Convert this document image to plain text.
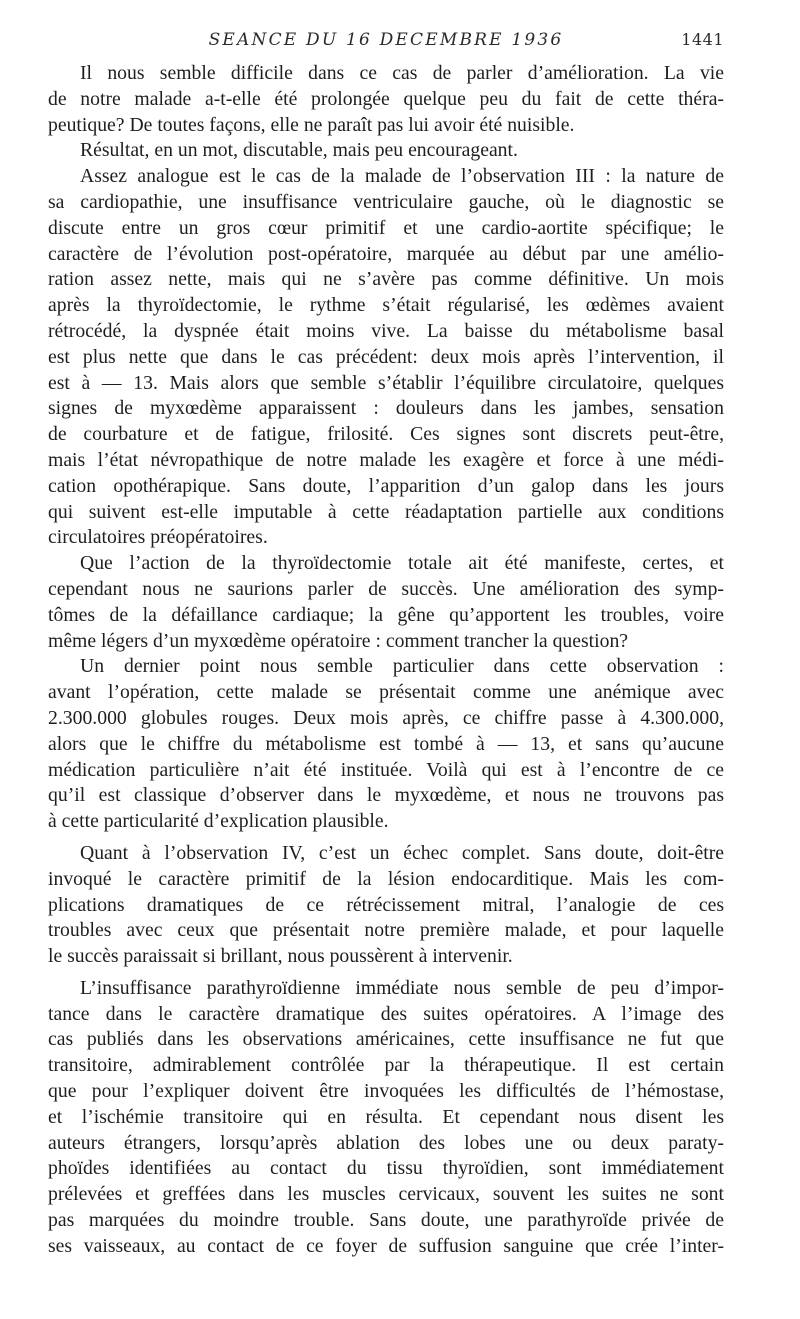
SEANCE DU 16 DECEMBRE 1936	1441

Il nous semble difficile dans ce cas de parler d’amélioration. La vie
de notre malade a-t-elle été prolongée quelque peu du fait de cette théra-
peutique? De toutes façons, elle ne paraît pas lui avoir été nuisible.

Résultat, en un mot, discutable, mais peu encourageant.

Assez analogue est le cas de la malade de l’observation III : la nature de
sa cardiopathie, une insuffisance ventriculaire gauche, où le diagnostic se
discute entre un gros cœur primitif et une cardio-aortite spécifique; le
caractère de l’évolution post-opératoire, marquée au début par une amélio-
ration assez nette, mais qui ne s’avère pas comme définitive. Un mois
après la thyroïdectomie, le rythme s’était régularisé, les œdèmes avaient
rétrocédé, la dyspnée était moins vive. La baisse du métabolisme basal
est plus nette que dans le cas précédent: deux mois après l’intervention, il
est à — 13. Mais alors que semble s’établir l’équilibre circulatoire, quelques
signes de myxœdème apparaissent : douleurs dans les jambes, sensation
de courbature et de fatigue, frilosité. Ces signes sont discrets peut-être,
mais l’état névropathique de notre malade les exagère et force à une médi-
cation opothérapique. Sans doute, l’apparition d’un galop dans les jours
qui suivent est-elle imputable à cette réadaptation partielle aux conditions
circulatoires préopératoires.

Que l’action de la thyroïdectomie totale ait été manifeste, certes, et
cependant nous ne saurions parler de succès. Une amélioration des symp-
tômes de la défaillance cardiaque; la gêne qu’apportent les troubles, voire
même légers d’un myxœdème opératoire : comment trancher la question?

Un dernier point nous semble particulier dans cette observation :
avant l’opération, cette malade se présentait comme une anémique avec
2.300.000 globules rouges. Deux mois après, ce chiffre passe à 4.300.000,
alors que le chiffre du métabolisme est tombé à — 13, et sans qu’aucune
médication particulière n’ait été instituée. Voilà qui est à l’encontre de ce
qu’il est classique d’observer dans le myxœdème, et nous ne trouvons pas
à cette particularité d’explication plausible.

Quant à l’observation IV, c’est un échec complet. Sans doute, doit-être
invoqué le caractère primitif de la lésion endocarditique. Mais les com-
plications dramatiques de ce rétrécissement mitral, l’analogie de ces
troubles avec ceux que présentait notre première malade, et pour laquelle
le succès paraissait si brillant, nous poussèrent à intervenir.

L’insuffisance parathyroïdienne immédiate nous semble de peu d’impor-
tance dans le caractère dramatique des suites opératoires. A l’image des
cas publiés dans les observations américaines, cette insuffisance ne fut que
transitoire, admirablement contrôlée par la thérapeutique. Il est certain
que pour l’expliquer doivent être invoquées les difficultés de l’hémostase,
et l’ischémie transitoire qui en résulta. Et cependant nous disent les
auteurs étrangers, lorsqu’après ablation des lobes une ou deux paraty-
phoïdes identifiées au contact du tissu thyroïdien, sont immédiatement
prélevées et greffées dans les muscles cervicaux, souvent les suites ne sont
pas marquées du moindre trouble. Sans doute, une parathyroïde privée de
ses vaisseaux, au contact de ce foyer de suffusion sanguine que crée l’inter-
